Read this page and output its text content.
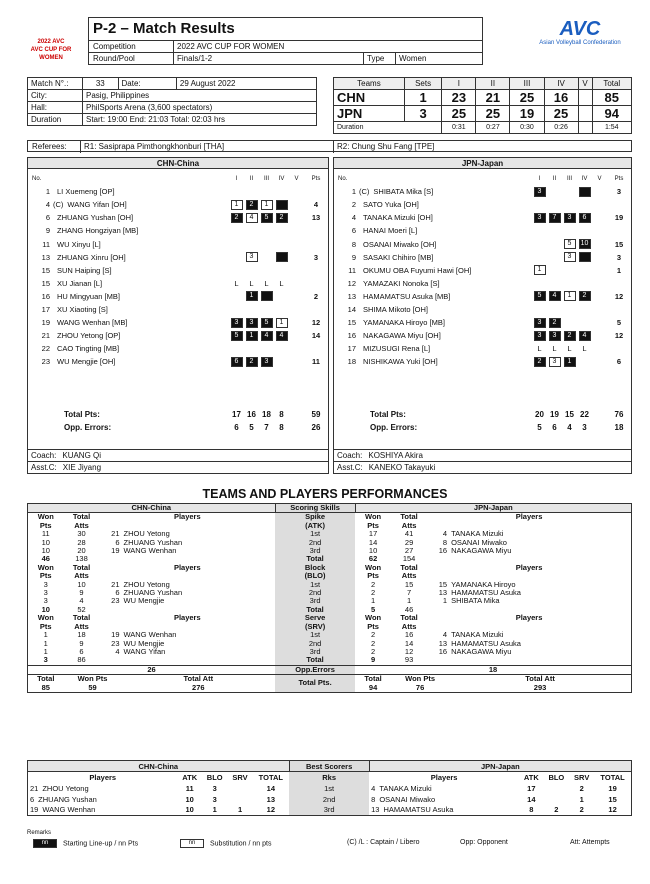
2022 AVC
AVC CUP FOR WOMEN
P-2 – Match Results
Competition	2022 AVC CUP FOR WOMEN
Round/Pool	Finals/1-2	Type Women
AVC
Asian Volleyball Confederation
Match N°.:	33	Date:	29 August 2022
City:	Pasig, Philippines		
Hall:	PhilSports Arena (3,600 spectators)		
Duration	Start: 19:00 End: 21:03 Total: 02:03 hrs		
Teams	Sets	I	II	III	IV	V	Total
CHN	1	23	21	25	16		85
JPN	3	25	25	19	25		94
Duration		0:31	0:27	0:30	0:26		1:54
Referees: R1: Sasiprapa Pimthongkhonburi [THA]	R2: Chung Shu Fang [TPE]
CHN-China
No.		I	II	III	IV	V	Pts
1	LI Xuemeng [OP]						
4	(C) WANG Yifan [OH]	1	2	1			4
6	ZHUANG Yushan [OH]	2	4	5	2		13
9	ZHANG Hongziyan [MB]						
11	WU Xinyu [L]						
13	ZHUANG Xinru [OH]		3				3
15	SUN Haiping [S]						
15	XU Jianan [L]	L	L	L	L		
16	HU Mingyuan [MB]		1				2
17	XU Xiaoting [S]						
19	WANG Wenhan [MB]	3	3	5	1		12
21	ZHOU Yetong [OP]	5	1	4	4		14
22	CAO Tingting [MB]						
23	WU Mengjie [OH]	6	2	3			11

Total Pts:		17	16	18	8		59
Opp. Errors:		6	5	7	8		26
Coach: KUANG Qi
Asst.C: XIE Jiyang
JPN-Japan
No.		I	II	III	IV	V	Pts
1	(C) SHIBATA Mika [S]	3					3
2	SATO Yuka [OH]						
4	TANAKA Mizuki [OH]	3	7	3	6		19
6	HANAI Moeri [L]						
8	OSANAI Miwako [OH]			5	10		15
9	SASAKI Chihiro [MB]			3			3
11	OKUMU OBA Fuyumi Hawi [OH]	1					1
12	YAMAZAKI Nonoka [S]						
13	HAMAMATSU Asuka [MB]	5	4	1	2		12
14	SHIMA Mikoto [OH]						
15	YAMANAKA Hiroyo [MB]	3	2				5
16	NAKAGAWA Miyu [OH]	3	3	2	4		12
17	MIZUSUGI Rena [L]	L	L	L	L		
18	NISHIKAWA Yuki [OH]	2	3	1			6

Total Pts:		20	19	15	22		76
Opp. Errors:		5	6	4	3		18
Coach: KOSHIYA Akira
Asst.C: KANEKO Takayuki
TEAMS AND PLAYERS PERFORMANCES
CHN-China				Scoring Skills	JPN-Japan			
Won	Total	Players		Spike	Won	Total	Players	
Pts	Atts			(ATK)	Pts	Atts		
11	30	21	ZHOU Yetong	1st	17	41	4	TANAKA Mizuki
10	28	6	ZHUANG Yushan	2nd	14	29	8	OSANAI Miwako
10	20	19	WANG Wenhan	3rd	10	27	16	NAKAGAWA Miyu
46	138			Total	62	154		
Won	Total	Players		Block	Won	Total	Players	
Pts	Atts			(BLO)	Pts	Atts		
3	10	21	ZHOU Yetong	1st	2	15	15	YAMANAKA Hiroyo
3	9	6	ZHUANG Yushan	2nd	2	7	13	HAMAMATSU Asuka
3	4	23	WU Mengjie	3rd	1	1	1	SHIBATA Mika
10	52			Total	5	46		
Won	Total	Players		Serve	Won	Total	Players	
Pts	Atts			(SRV)	Pts	Atts		
1	18	19	WANG Wenhan	1st	2	16	4	TANAKA Mizuki
1	9	23	WU Mengjie	2nd	2	14	13	HAMAMATSU Asuka
1	6	4	WANG Yifan	3rd	2	12	16	NAKAGAWA Miyu
3	86			Total	9	93		
26				Opp.Errors	18			
Total	Won Pts		Total Att	Total Pts.	Total	Won Pts		Total Att
85	59		276		94	76		293
CHN-China					Best Scorers	JPN-Japan				
Players	ATK	BLO	SRV	TOTAL	Rks	Players	ATK	BLO	SRV	TOTAL
21 ZHOU Yetong	11	3		14	1st	4 TANAKA Mizuki	17		2	19
6 ZHUANG Yushan	10	3		13	2nd	8 OSANAI Miwako	14		1	15
19 WANG Wenhan	10	1	1	12	3rd	13 HAMAMATSU Asuka	8	2	2	12
Remarks
nn Starting Line-up / nn Pts	nn Substitution / nn pts	(C) /L : Captain / Libero	Opp: Opponent	Att: Attempts
